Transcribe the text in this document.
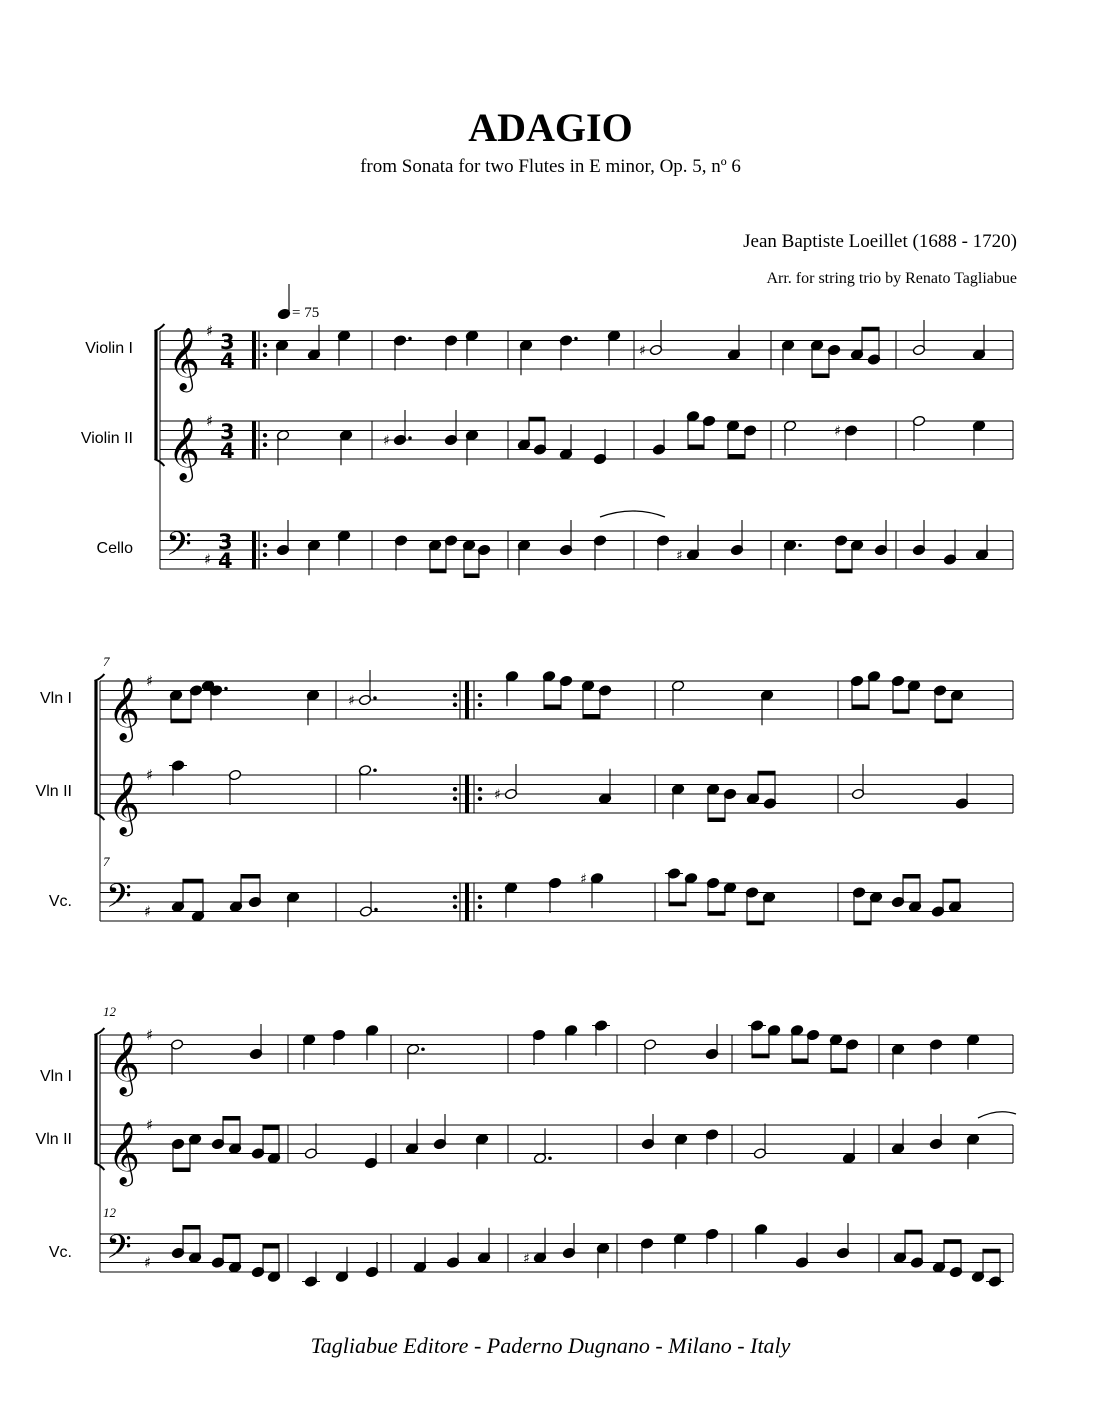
𝄞 ♯ 3
4
𝄞 ♯ 3
4
𝄢 ♯
3
4
= 75
♯
♯
♯
♯
𝄞 ♯
𝄞 ♯
𝄢 ♯
♯
♯
♯
𝄞 ♯
𝄞 ♯
𝄢 ♯	♯
ADAGIO
from Sonata for two Flutes in E minor, Op. 5, nº 6
Jean Baptiste Loeillet (1688 - 1720)
Arr. for string trio by Renato Tagliabue
Violin I
Violin II
Cello
Vln I
Vln II
Vc.
Vln I
Vln II
Vc.
7
7
12
12
Tagliabue Editore - Paderno Dugnano - Milano - Italy
